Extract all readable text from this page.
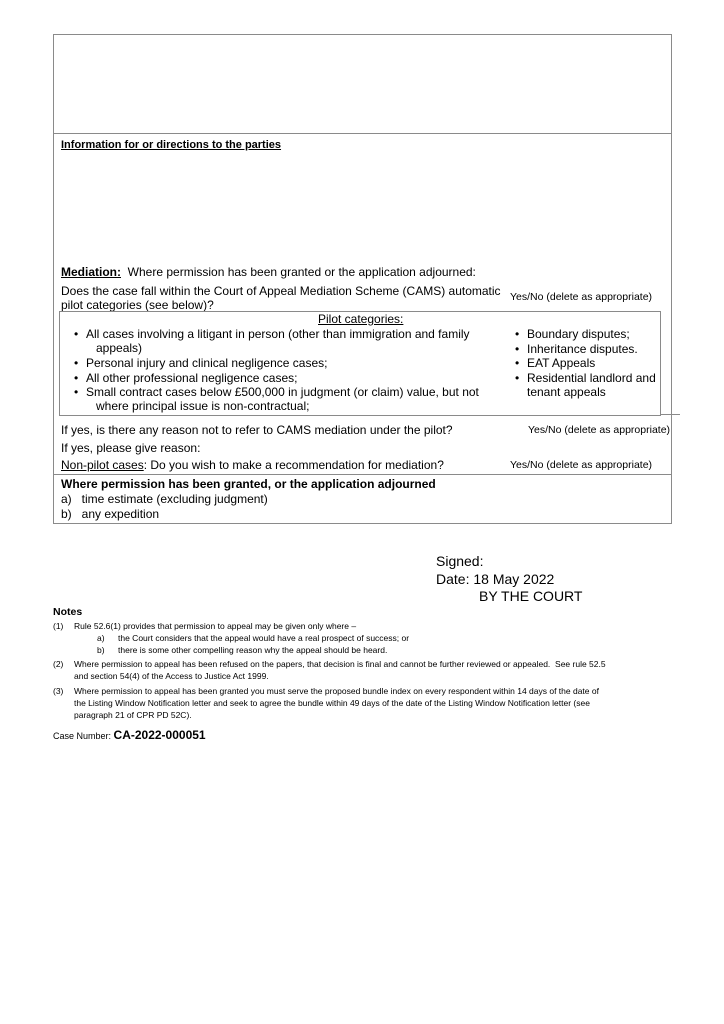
Information for or directions to the parties
Mediation: Where permission has been granted or the application adjourned:
Does the case fall within the Court of Appeal Mediation Scheme (CAMS) automatic
pilot categories (see below)?
Yes/No (delete as appropriate)
Pilot categories:
• All cases involving a litigant in person (other than immigration and family
appeals)
• Personal injury and clinical negligence cases;
• All other professional negligence cases;
• Small contract cases below £500,000 in judgment (or claim) value, but not
where principal issue is non-contractual;
• Boundary disputes;
• Inheritance disputes.
• EAT Appeals
• Residential landlord and
tenant appeals
If yes, is there any reason not to refer to CAMS mediation under the pilot?	Yes/No (delete as appropriate)
If yes, please give reason:
Non-pilot cases: Do you wish to make a recommendation for mediation?	Yes/No (delete as appropriate)
Where permission has been granted, or the application adjourned
a)   time estimate (excluding judgment)
b)   any expedition
Signed:
Date: 18 May 2022
BY THE COURT
Notes
(1) Rule 52.6(1) provides that permission to appeal may be given only where –
a) the Court considers that the appeal would have a real prospect of success; or
b) there is some other compelling reason why the appeal should be heard.
(2) Where permission to appeal has been refused on the papers, that decision is final and cannot be further reviewed or appealed.  See rule 52.5
and section 54(4) of the Access to Justice Act 1999.
(3) Where permission to appeal has been granted you must serve the proposed bundle index on every respondent within 14 days of the date of
the Listing Window Notification letter and seek to agree the bundle within 49 days of the date of the Listing Window Notification letter (see
paragraph 21 of CPR PD 52C).
Case Number: CA-2022-000051
